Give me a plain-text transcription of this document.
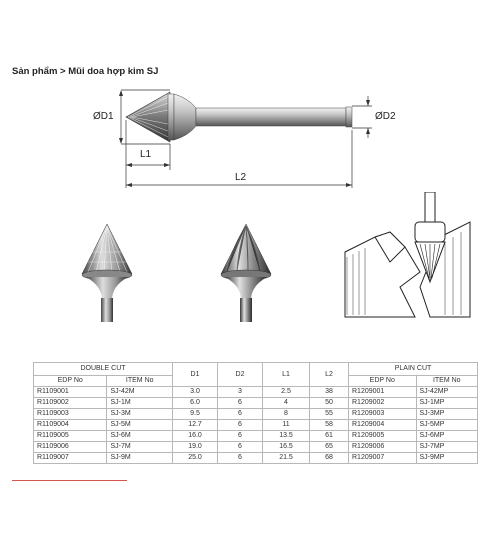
Sản phẩm > Mũi doa hợp kim SJ
ØD1	ØD2
L1
L2
DOUBLE CUT		D1	D2	L1	L2	PLAIN CUT	
EDP No	ITEM No					EDP No	ITEM No
R1109001	SJ-42M	3.0	3	2.5	38	R1209001	SJ-42MP
R1109002	SJ-1M	6.0	6	4	50	R1209002	SJ-1MP
R1109003	SJ-3M	9.5	6	8	55	R1209003	SJ-3MP
R1109004	SJ-5M	12.7	6	11	58	R1209004	SJ-5MP
R1109005	SJ-6M	16.0	6	13.5	61	R1209005	SJ-6MP
R1109006	SJ-7M	19.0	6	16.5	65	R1209006	SJ-7MP
R1109007	SJ-9M	25.0	6	21.5	68	R1209007	SJ-9MP
